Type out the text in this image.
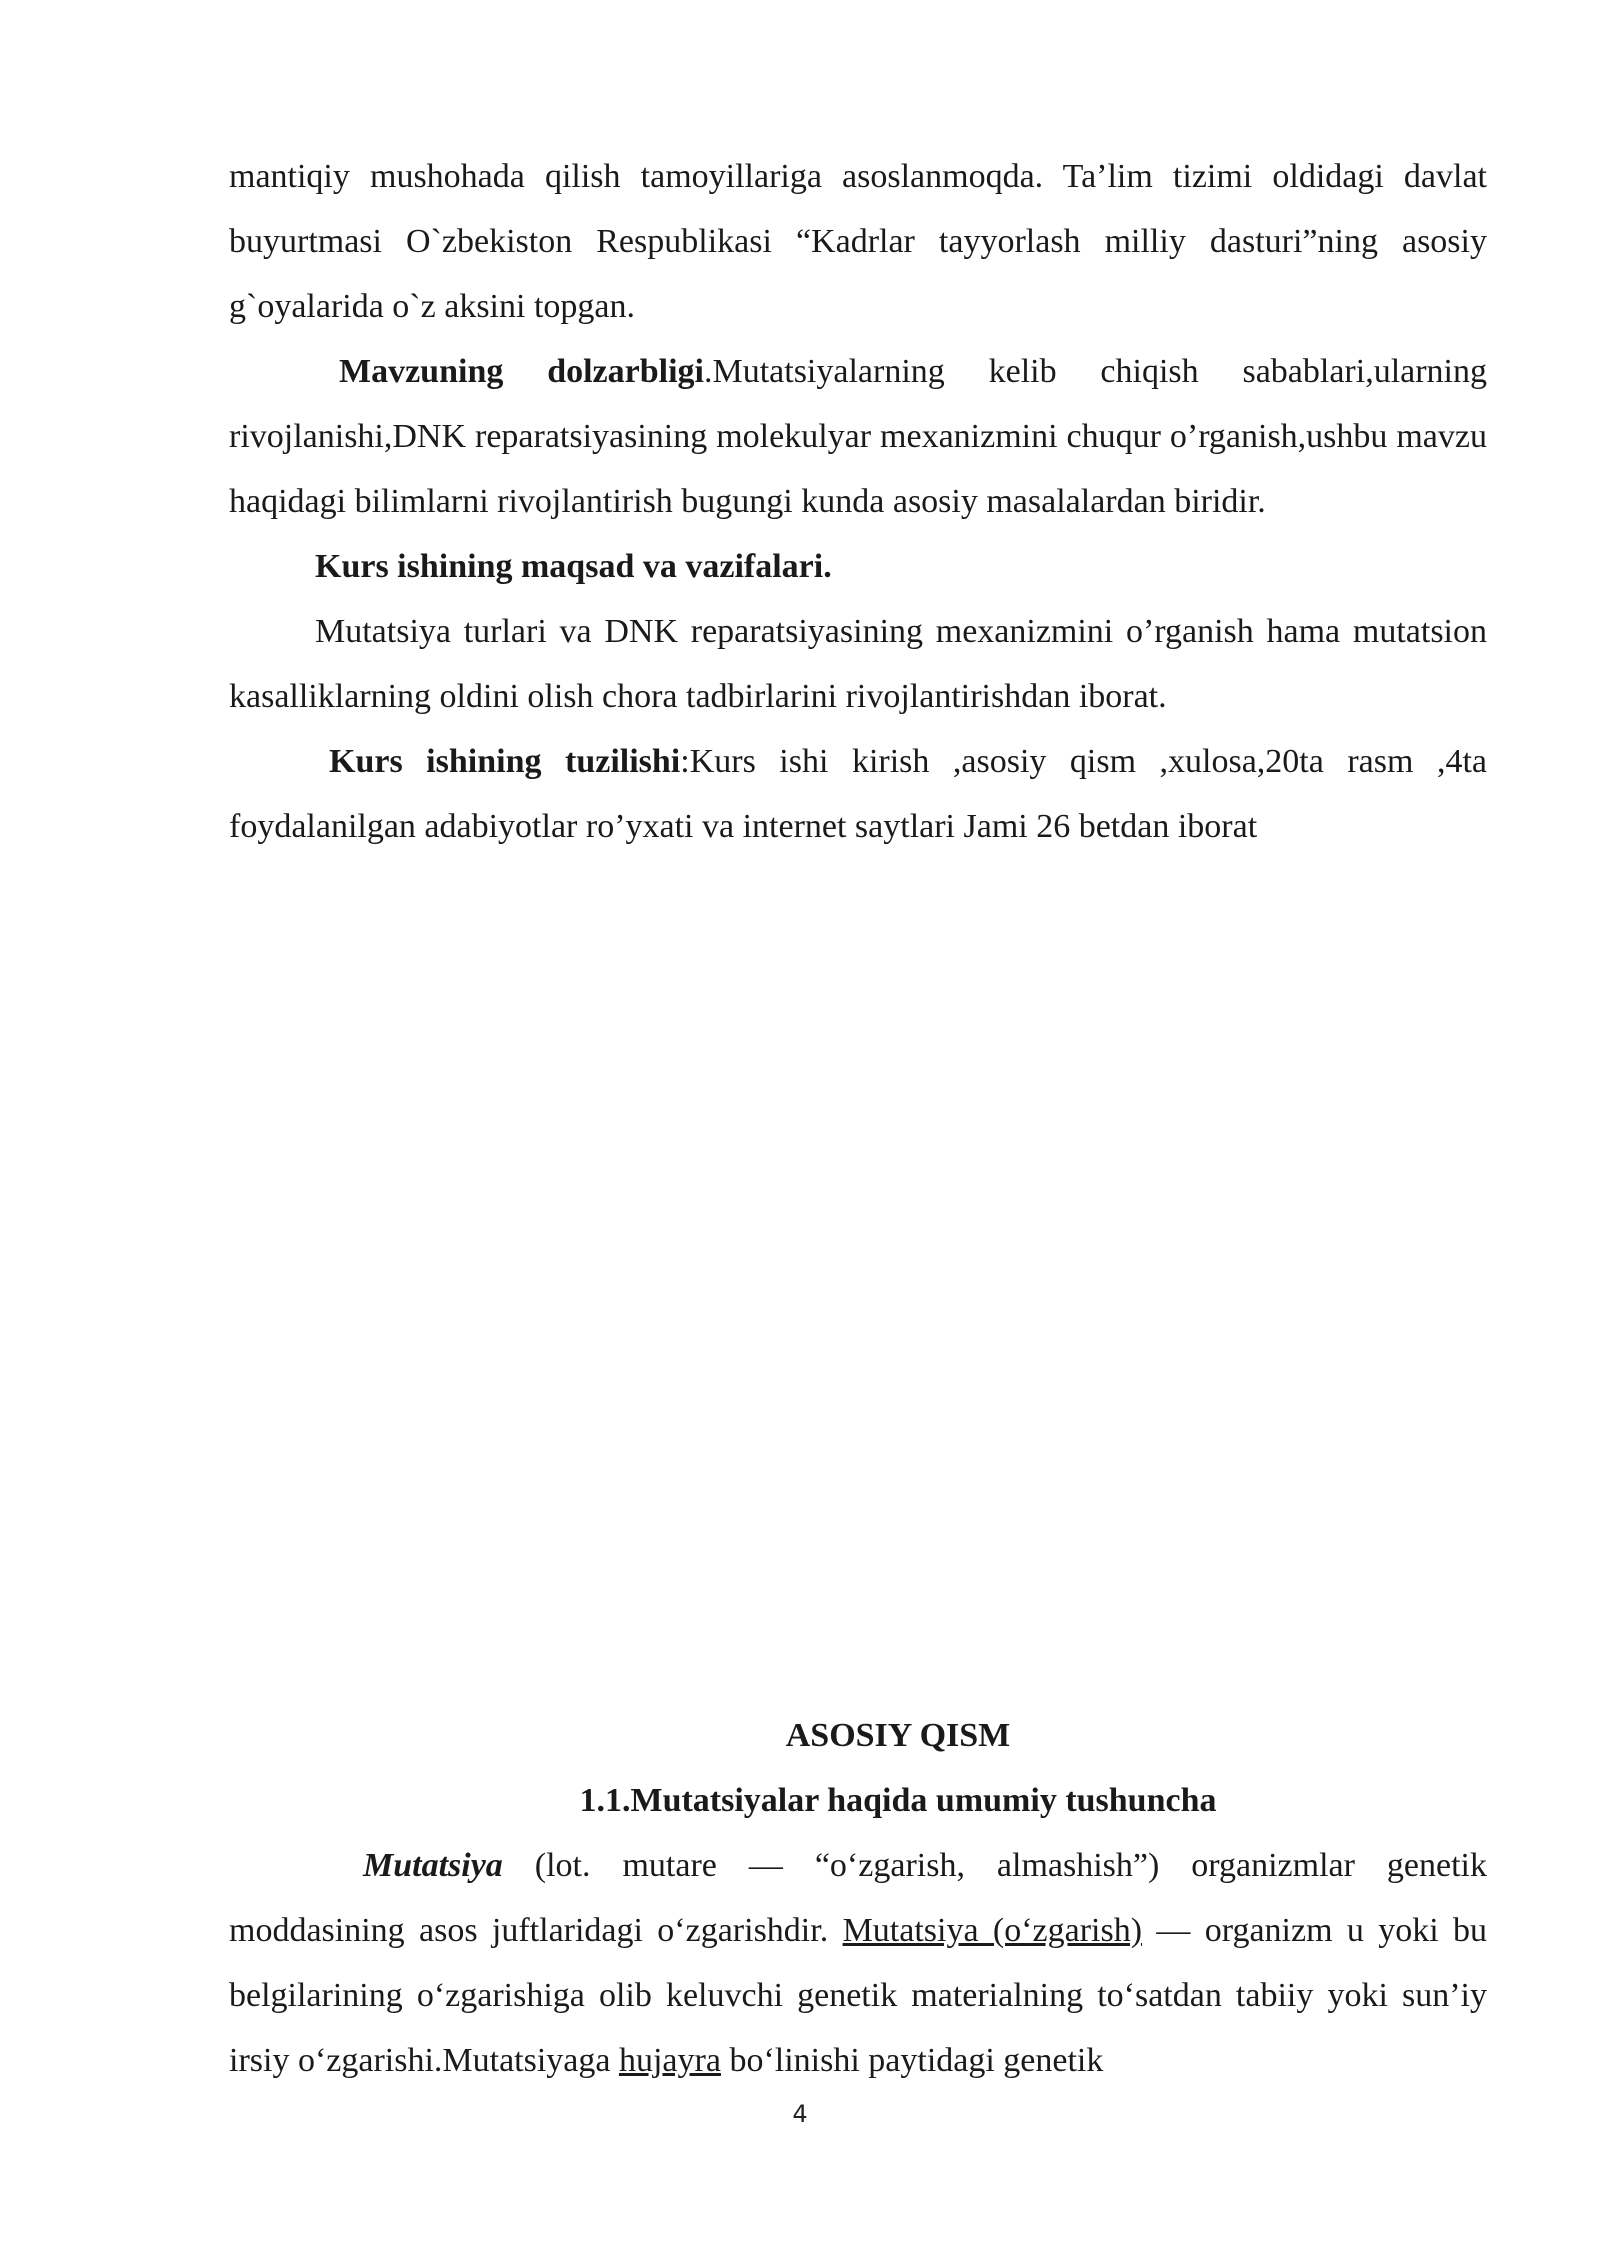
mantiqiy mushohada qilish tamoyillariga asoslanmoqda. Ta’lim tizimi oldidagi davlat buyurtmasi O`zbekiston Respublikasi “Kadrlar tayyorlash milliy dasturi”ning asosiy g`oyalarida o`z aksini topgan.

Mavzuning dolzarbligi.Mutatsiyalarning kelib chiqish sabablari,ularning rivojlanishi,DNK reparatsiyasining molekulyar mexanizmini chuqur o’rganish,ushbu mavzu haqidagi bilimlarni rivojlantirish bugungi kunda asosiy masalalardan biridir.

Kurs ishining maqsad va vazifalari.

Mutatsiya turlari va DNK reparatsiyasining mexanizmini o’rganish hama mutatsion kasalliklarning oldini olish chora tadbirlarini rivojlantirishdan iborat.

Kurs ishining tuzilishi:Kurs ishi kirish ,asosiy qism ,xulosa,20ta rasm ,4ta foydalanilgan adabiyotlar ro’yxati va internet saytlari Jami 26 betdan iborat

ASOSIY QISM
1.1.Mutatsiyalar haqida umumiy tushuncha

Mutatsiya (lot. mutare — “oʻzgarish, almashish”) organizmlar genetik moddasining asos juftlaridagi oʻzgarishdir. Mutatsiya (oʻzgarish) — organizm u yoki bu belgilarining oʻzgarishiga olib keluvchi genetik materialning toʻsatdan tabiiy yoki sun’iy irsiy oʻzgarishi.Mutatsiyaga hujayra boʻlinishi paytidagi genetik

4
